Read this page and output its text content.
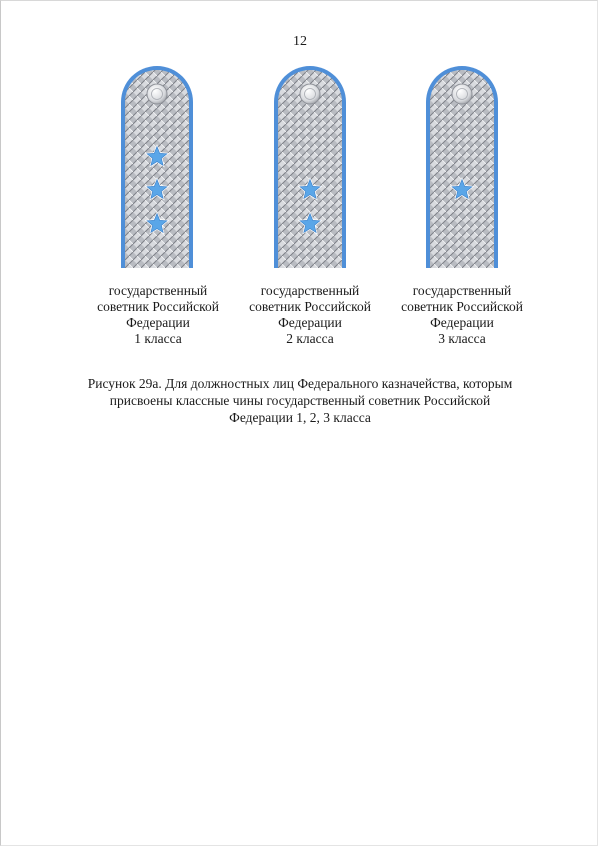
12
государственный
советник Российской
Федерации
1 класса
государственный
советник Российской
Федерации
2 класса
государственный
советник Российской
Федерации
3 класса
Рисунок 29а. Для должностных лиц Федерального казначейства, которым
присвоены классные чины государственный советник Российской
Федерации 1, 2, 3 класса
